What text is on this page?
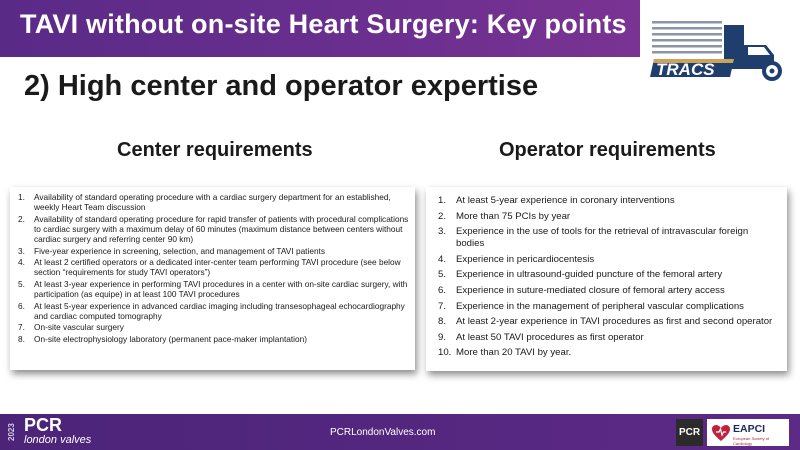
TAVI without on-site Heart Surgery: Key points
TRACS
2) High center and operator expertise
Center requirements	Operator requirements
1.	Availability of standard operating procedure with a cardiac surgery department for an established, weekly Heart Team discussion
2.	Availability of standard operating procedure for rapid transfer of patients with procedural complications to cardiac surgery with a maximum delay of 60 minutes (maximum distance between centers without cardiac surgery and referring center 90 km)
3.	Five-year experience in screening, selection, and management of TAVI patients
4.	At least 2 certified operators or a dedicated inter-center team performing TAVI procedure (see below section “requirements for study TAVI operators”)
5.	At least 3-year experience in performing TAVI procedures in a center with on-site cardiac surgery, with participation (as equipe) in at least 100 TAVI procedures
6.	At least 5-year experience in advanced cardiac imaging including transesophageal echocardiography and cardiac computed tomography
7.	On-site vascular surgery
8.	On-site electrophysiology laboratory (permanent pace-maker implantation)
1.	At least 5-year experience in coronary interventions
2.	More than 75 PCIs by year
3.	Experience in the use of tools for the retrieval of intravascular foreign bodies
4.	Experience in pericardiocentesis
5.	Experience in ultrasound-guided puncture of the femoral artery
6.	Experience in suture-mediated closure of femoral artery access
7.	Experience in the management of peripheral vascular complications
8.	At least 2-year experience in TAVI procedures as first and second operator
9.	At least 50 TAVI procedures as first operator
10. More than 20 TAVI by year.
2023 PCR
london valves
PCRLondonValves.com	PCR	EAPCI
European Society of Cardiology
